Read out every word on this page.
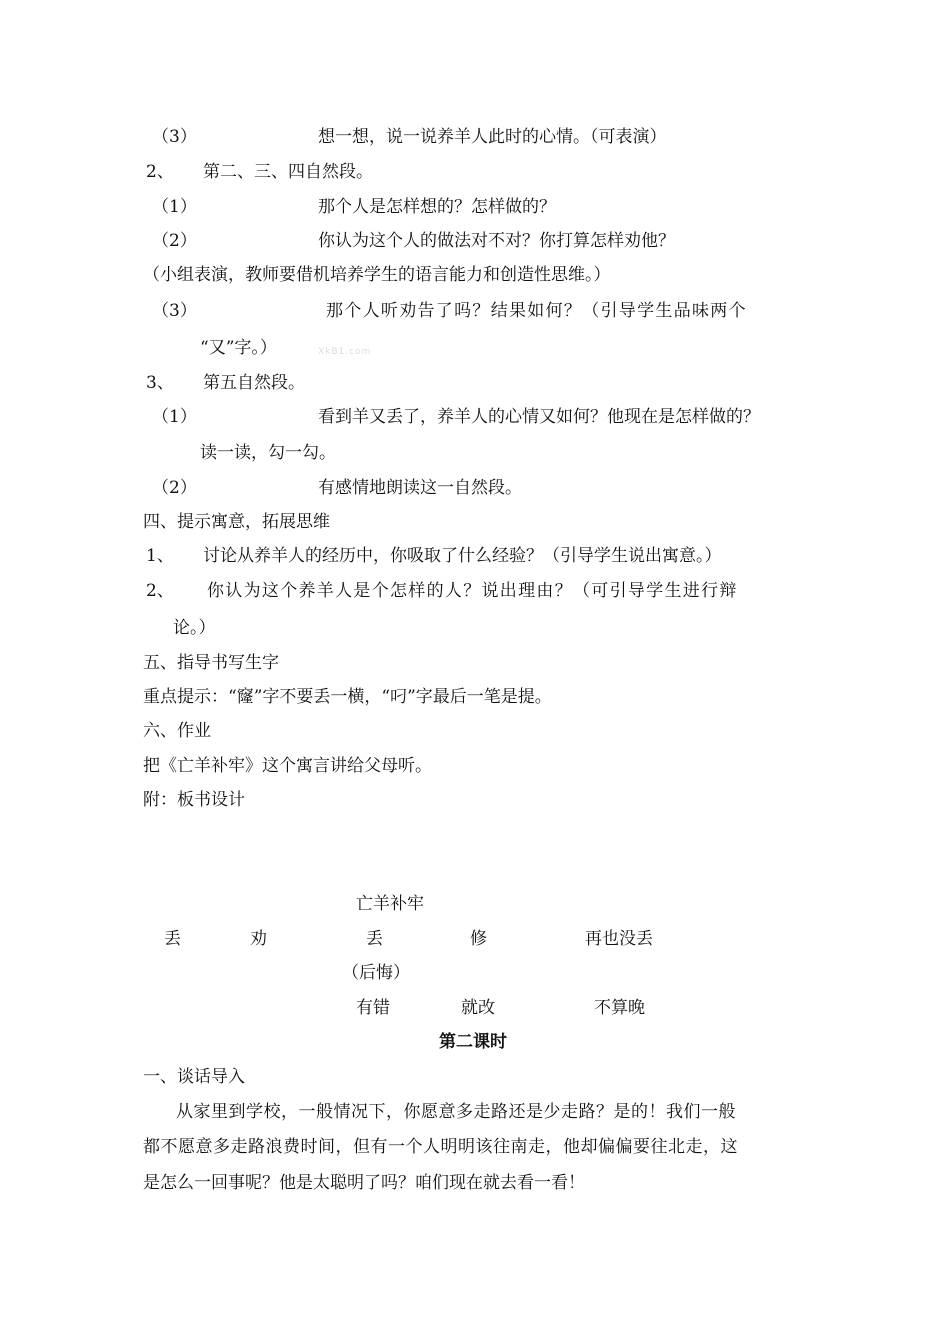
（3）	想一想，说一说养羊人此时的心情。（可表演）
2、 第二、三、四自然段。
（1）	那个人是怎样想的？怎样做的？
（2）	你认为这个人的做法对不对？你打算怎样劝他？
（小组表演，教师要借机培养学生的语言能力和创造性思维。）
（3）	那个人听劝告了吗？结果如何？（引导学生品味两个
“又”字。）	XkB1.com
3、 第五自然段。
（1）	看到羊又丢了，养羊人的心情又如何？他现在是怎样做的？
读一读，勾一勾。
（2）	有感情地朗读这一自然段。
四、提示寓意，拓展思维
1、 讨论从养羊人的经历中，你吸取了什么经验？（引导学生说出寓意。）
2、 你认为这个养羊人是个怎样的人？说出理由？（可引导学生进行辩
论。）
五、指导书写生字
重点提示：“窿”字不要丢一横，“叼”字最后一笔是提。
六、作业
把《亡羊补牢》这个寓言讲给父母听。
附：板书设计
亡羊补牢
丢	劝	丢	修	再也没丢
（后悔）
有错	就改	不算晚
第二课时
一、谈话导入
从家里到学校，一般情况下，你愿意多走路还是少走路？是的！我们一般
都不愿意多走路浪费时间，但有一个人明明该往南走，他却偏偏要往北走，这
是怎么一回事呢？他是太聪明了吗？咱们现在就去看一看！
